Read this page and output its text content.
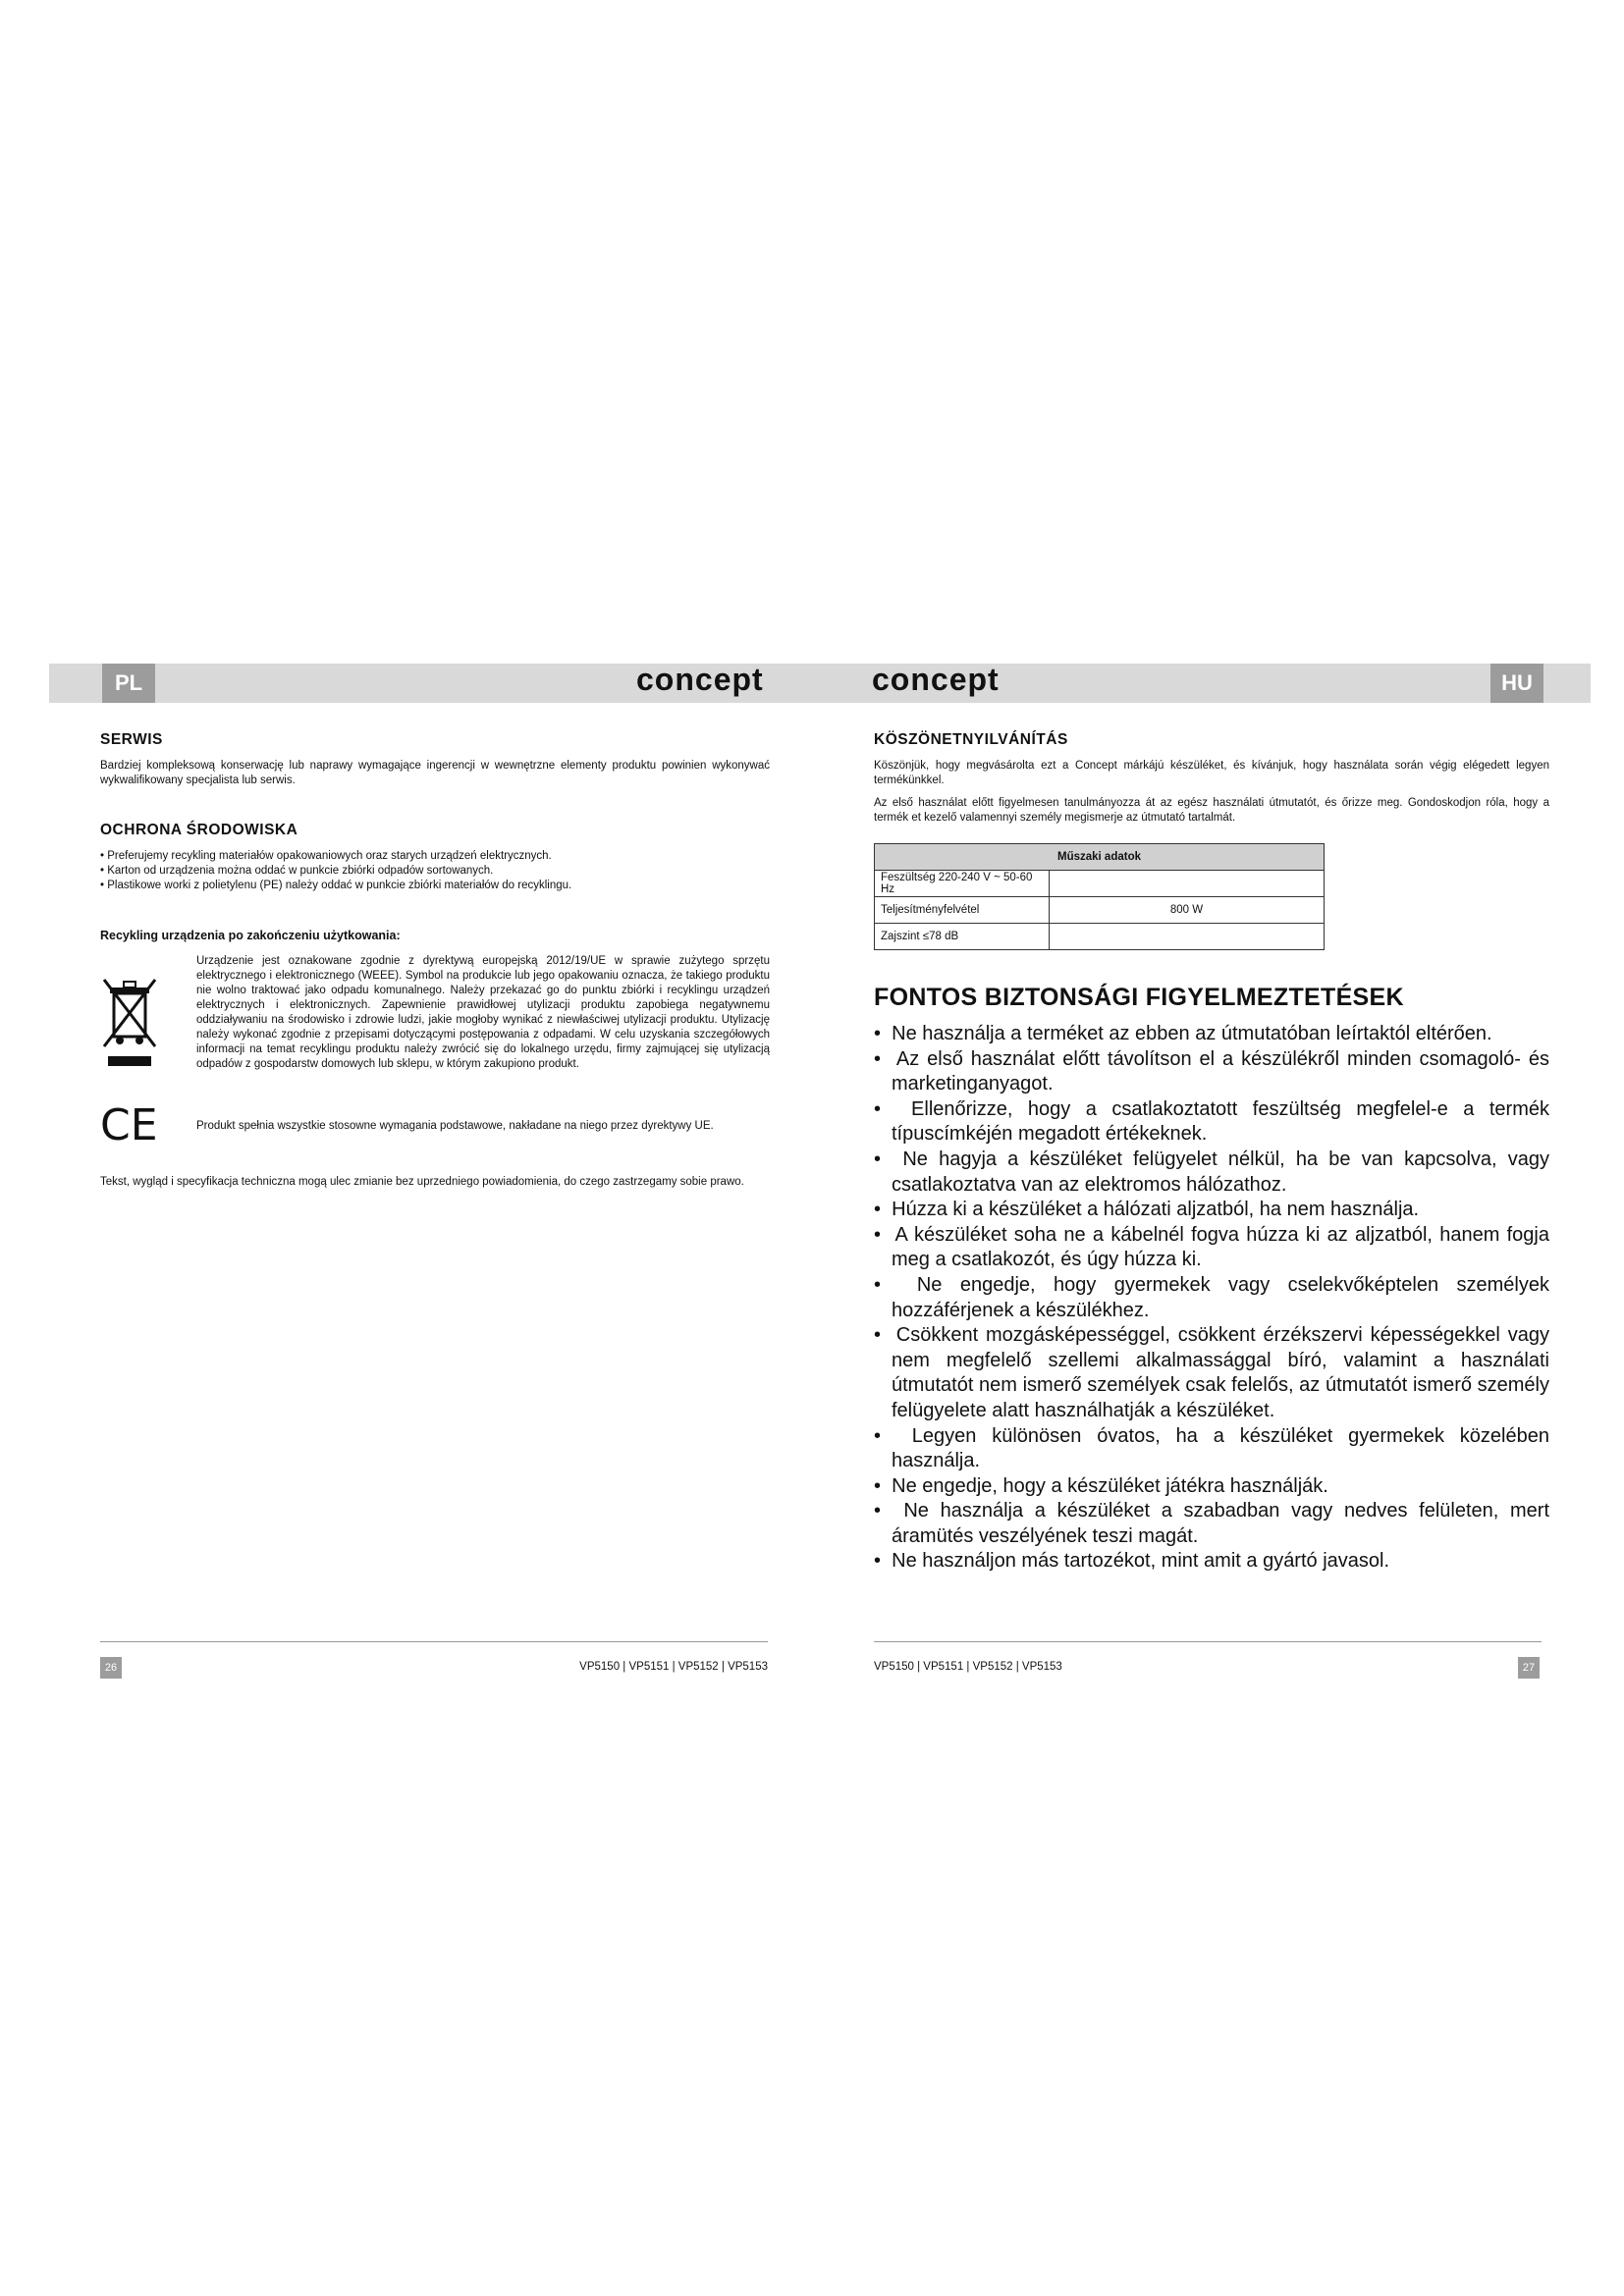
PL	HU
concept	concept
SERWIS

Bardziej kompleksową konserwację lub naprawy wymagające ingerencji w wewnętrzne elementy produktu powinien wykonywać wykwalifikowany specjalista lub serwis.

OCHRONA ŚRODOWISKA
• Preferujemy recykling materiałów opakowaniowych oraz starych urządzeń elektrycznych.
• Karton od urządzenia można oddać w punkcie zbiórki odpadów sortowanych.
• Plastikowe worki z polietylenu (PE) należy oddać w punkcie zbiórki materiałów do recyklingu.
Recykling urządzenia po zakończeniu użytkowania:

Urządzenie jest oznakowane zgodnie z dyrektywą europejską 2012/19/UE w sprawie zużytego sprzętu elektrycznego i elektronicznego (WEEE). Symbol na produkcie lub jego opakowaniu oznacza, że takiego produktu nie wolno traktować jako odpadu komunalnego. Należy przekazać go do punktu zbiórki i recyklingu urządzeń elektrycznych i elektronicznych. Zapewnienie prawidłowej utylizacji produktu zapobiega negatywnemu oddziaływaniu na środowisko i zdrowie ludzi, jakie mogłoby wynikać z niewłaściwej utylizacji produktu. Utylizację należy wykonać zgodnie z przepisami dotyczącymi postępowania z odpadami. W celu uzyskania szczegółowych informacji na temat recyklingu produktu należy zwrócić się do lokalnego urzędu, firmy zajmującej się utylizacją odpadów z gospodarstw domowych lub sklepu, w którym zakupiono produkt.

CE	Produkt spełnia wszystkie stosowne wymagania podstawowe, nakładane na niego przez dyrektywy UE.

Tekst, wygląd i specyfikacja techniczna mogą ulec zmianie bez uprzedniego powiadomienia, do czego zastrzegamy sobie prawo.

KÖSZÖNETNYILVÁNÍTÁS

Köszönjük, hogy megvásárolta ezt a Concept márkájú készüléket, és kívánjuk, hogy használata során végig elégedett legyen termékünkkel.

Az első használat előtt figyelmesen tanulmányozza át az egész használati útmutatót, és őrizze meg. Gondoskodjon róla, hogy a termék et kezelő valamennyi személy megismerje az útmutató tartalmát.

Műszaki adatok	
Feszültség 220-240 V ~ 50-60 Hz	
Teljesítményfelvétel	800 W
Zajszint ≤78 dB	
FONTOS BIZTONSÁGI FIGYELMEZTETÉSEK
•  Ne használja a terméket az ebben az útmutatóban leírtaktól eltérően.
•  Az első használat előtt távolítson el a készülékről minden csomagoló- és marketinganyagot.
•  Ellenőrizze, hogy a csatlakoztatott feszültség megfelel-e a termék típuscímkéjén megadott értékeknek.
•  Ne hagyja a készüléket felügyelet nélkül, ha be van kapcsolva, vagy csatlakoztatva van az elektromos hálózathoz.
•  Húzza ki a készüléket a hálózati aljzatból, ha nem használja.
•  A készüléket soha ne a kábelnél fogva húzza ki az aljzatból, hanem fogja meg a csatlakozót, és úgy húzza ki.
•  Ne engedje, hogy gyermekek vagy cselekvőképtelen személyek hozzáférjenek a készülékhez.
•  Csökkent mozgásképességgel, csökkent érzékszervi képességekkel vagy nem megfelelő szellemi alkalmassággal bíró, valamint a használati útmutatót nem ismerő személyek csak felelős, az útmutatót ismerő személy felügyelete alatt használhatják a készüléket.
•  Legyen különösen óvatos, ha a készüléket gyermekek közelében használja.
•  Ne engedje, hogy a készüléket játékra használják.
•  Ne használja a készüléket a szabadban vagy nedves felületen, mert áramütés veszélyének teszi magát.
•  Ne használjon más tartozékot, mint amit a gyártó javasol.
26	VP5150 | VP5151 | VP5152 | VP5153	VP5150 | VP5151 | VP5152 | VP5153	27
